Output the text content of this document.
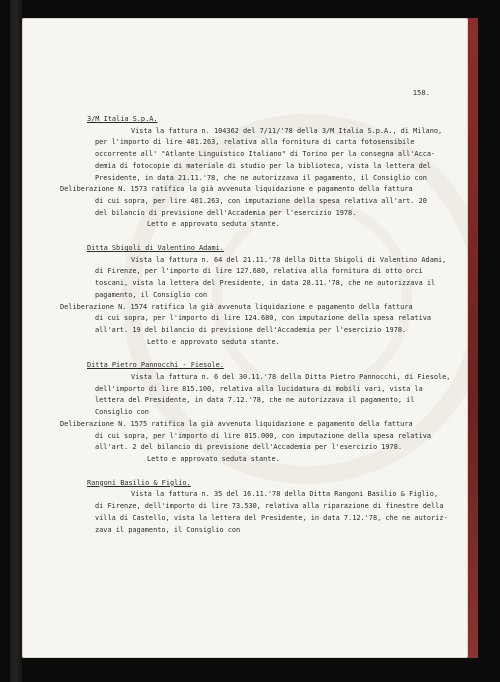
158.

3/M Italia S.p.A.

Vista la fattura n. 104362 del 7/11/'78 della 3/M Italia S.p.A., di Milano,

per l'importo di lire 401.263, relativa alla fornitura di carta fotosensibile

occorrente all' "Atlante Linguistico Italiano" di Torino per la consegna all'Acca-

demia di fotocopie di materiale di studio per la biblioteca, vista la lettera del

Presidente, in data 21.11.'78, che ne autorizzava il pagamento, il Consiglio con

Deliberazione N. 1573 ratifica la già avvenuta liquidazione e pagamento della fattura

di cui sopra, per lire 401.263, con imputazione della spesa relativa all'art. 20

del bilancio di previsione dell'Accademia per l'esercizio 1978.

Letto e approvato seduta stante.

Ditta Sbigoli di Valentino Adami.

Vista la fattura n. 64 del 21.11.'78 della Ditta Sbigoli di Valentino Adami,

di Firenze, per l'importo di lire 127.680, relativa alla fornitura di otto orci

toscani, vista la lettera del Presidente, in data 28.11.'78, che ne autorizzava il

pagamento, il Consiglio con

Deliberazione N. 1574 ratifica la già avvenuta liquidazione e pagamento della fattura

di cui sopra, per l'importo di lire 124.680, con imputazione della spesa relativa

all'art. 19 del bilancio di previsione dell'Accademia per l'esercizio 1978.

Letto e approvato seduta stante.

Ditta Pietro Pannocchi - Fiesole.

Vista la fattura n. 6 del 30.11.'78 della Ditta Pietro Pannocchi, di Fiesole,

dell'importo di lire 815.100, relativa alla lucidatura di mobili vari, vista la

lettera del Presidente, in data 7.12.'78, che ne autorizzava il pagamento, il

Consiglio con

Deliberazione N. 1575 ratifica la già avvenuta liquidazione e pagamento della fattura

di cui sopra, per l'importo di lire 815.000, con imputazione della spesa relativa

all'art. 2 del bilancio di previsione dell'Accademia per l'esercizio 1978.

Letto e approvato seduta stante.

Rangoni Basilio & Figlio.

Vista la fattura n. 35 del 16.11.'78 della Ditta Rangoni Basilio & Figlio,

di Firenze, dell'importo di lire 73.530, relativa alla riparazione di finestre della

villa di Castello, vista la lettera del Presidente, in data 7.12.'78, che ne autoriz-

zava il pagamento, il Consiglio con
